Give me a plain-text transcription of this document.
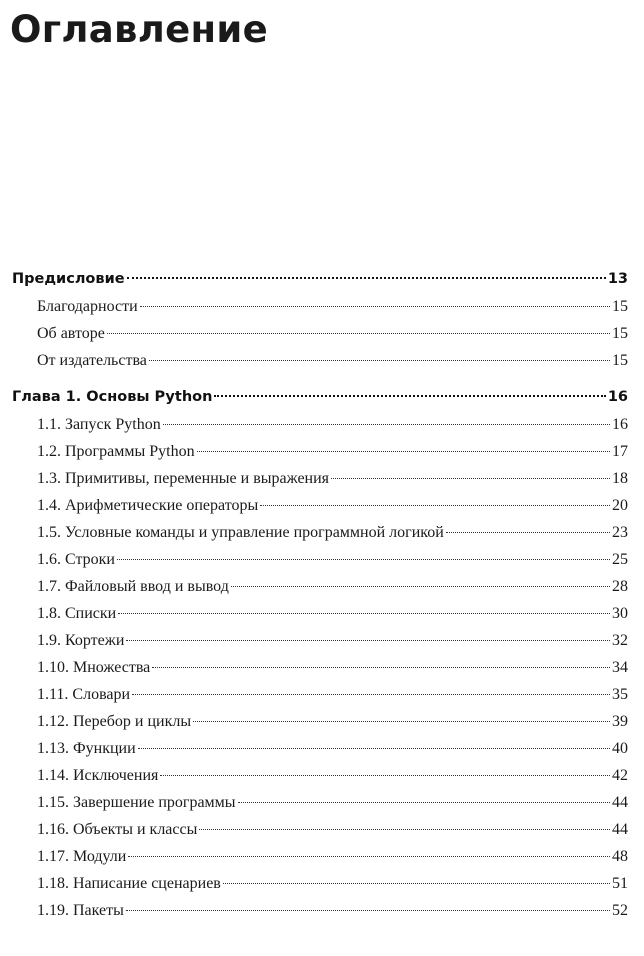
Оглавление
Предисловие	13
Благодарности	15
Об авторе	15
От издательства	15
Глава 1. Основы Python	16
1.1. Запуск Python	16
1.2. Программы Python	17
1.3. Примитивы, переменные и выражения	18
1.4. Арифметические операторы	20
1.5. Условные команды и управление программной логикой	23
1.6. Строки	25
1.7. Файловый ввод и вывод	28
1.8. Списки	30
1.9. Кортежи	32
1.10. Множества	34
1.11. Словари	35
1.12. Перебор и циклы	39
1.13. Функции	40
1.14. Исключения	42
1.15. Завершение программы	44
1.16. Объекты и классы	44
1.17. Модули	48
1.18. Написание сценариев	51
1.19. Пакеты	52
